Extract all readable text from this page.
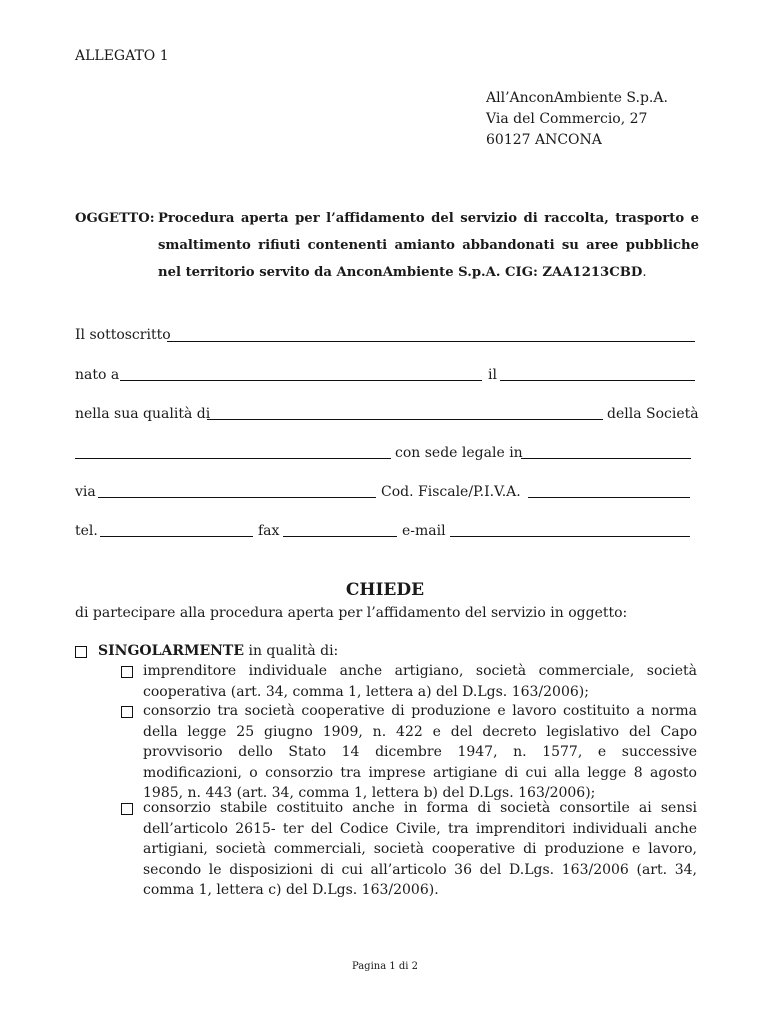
ALLEGATO 1
All’AnconAmbiente S.p.A.
Via del Commercio, 27
60127 ANCONA
OGGETTO: Procedura aperta per l’affidamento del servizio di raccolta, trasporto e smaltimento rifiuti contenenti amianto abbandonati su aree pubbliche nel territorio servito da AnconAmbiente S.p.A. CIG: ZAA1213CBD.
Il sottoscritto
nato a	il
nella sua qualità di	della Società
con sede legale in
via	Cod. Fiscale/P.I.V.A.
tel.	fax	e-mail
CHIEDE
di partecipare alla procedura aperta per l’affidamento del servizio in oggetto:
SINGOLARMENTE in qualità di:
imprenditore individuale anche artigiano, società commerciale, società cooperativa (art. 34, comma 1, lettera a) del D.Lgs. 163/2006);
consorzio tra società cooperative di produzione e lavoro costituito a norma della legge 25 giugno 1909, n. 422 e del decreto legislativo del Capo provvisorio dello Stato 14 dicembre 1947, n. 1577, e successive modificazioni, o consorzio tra imprese artigiane di cui alla legge 8 agosto 1985, n. 443 (art. 34, comma 1, lettera b) del D.Lgs. 163/2006);
consorzio stabile costituito anche in forma di società consortile ai sensi dell’articolo 2615- ter del Codice Civile, tra imprenditori individuali anche artigiani, società commerciali, società cooperative di produzione e lavoro, secondo le disposizioni di cui all’articolo 36 del D.Lgs. 163/2006 (art. 34, comma 1, lettera c) del D.Lgs. 163/2006).
Pagina 1 di 2
